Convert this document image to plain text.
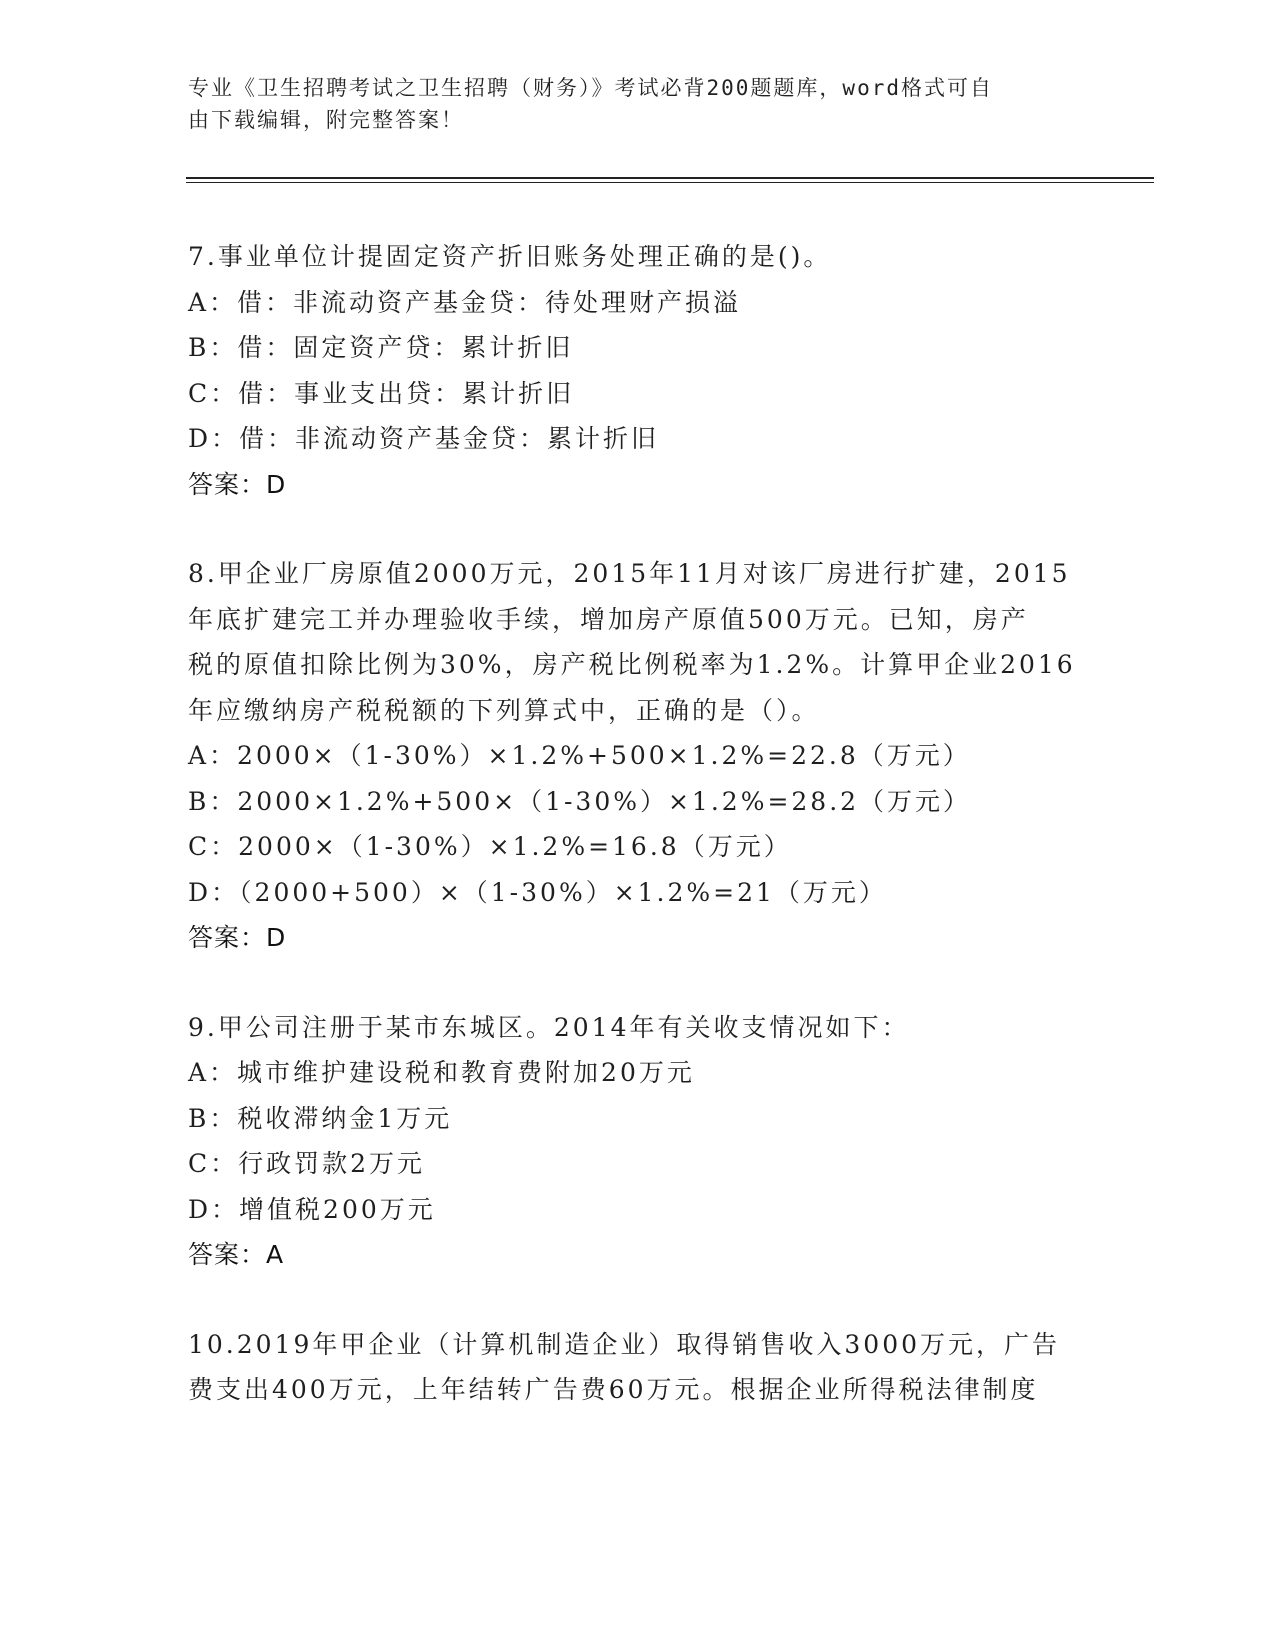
专业《卫生招聘考试之卫生招聘（财务）》考试必背200题题库，word格式可自
由下载编辑，附完整答案！
7.事业单位计提固定资产折旧账务处理正确的是()。
A：借：非流动资产基金贷：待处理财产损溢
B：借：固定资产贷：累计折旧
C：借：事业支出贷：累计折旧
D：借：非流动资产基金贷：累计折旧
答案：D
8.甲企业厂房原值2000万元，2015年11月对该厂房进行扩建，2015
年底扩建完工并办理验收手续，增加房产原值500万元。已知，房产
税的原值扣除比例为30%，房产税比例税率为1.2%。计算甲企业2016
年应缴纳房产税税额的下列算式中，正确的是（）。
A：2000×（1-30%）×1.2%+500×1.2%=22.8（万元）
B：2000×1.2%+500×（1-30%）×1.2%=28.2（万元）
C：2000×（1-30%）×1.2%=16.8（万元）
D：（2000+500）×（1-30%）×1.2%=21（万元）
答案：D
9.甲公司注册于某市东城区。2014年有关收支情况如下：
A：城市维护建设税和教育费附加20万元
B：税收滞纳金1万元
C：行政罚款2万元
D：增值税200万元
答案：A
10.2019年甲企业（计算机制造企业）取得销售收入3000万元，广告
费支出400万元，上年结转广告费60万元。根据企业所得税法律制度
